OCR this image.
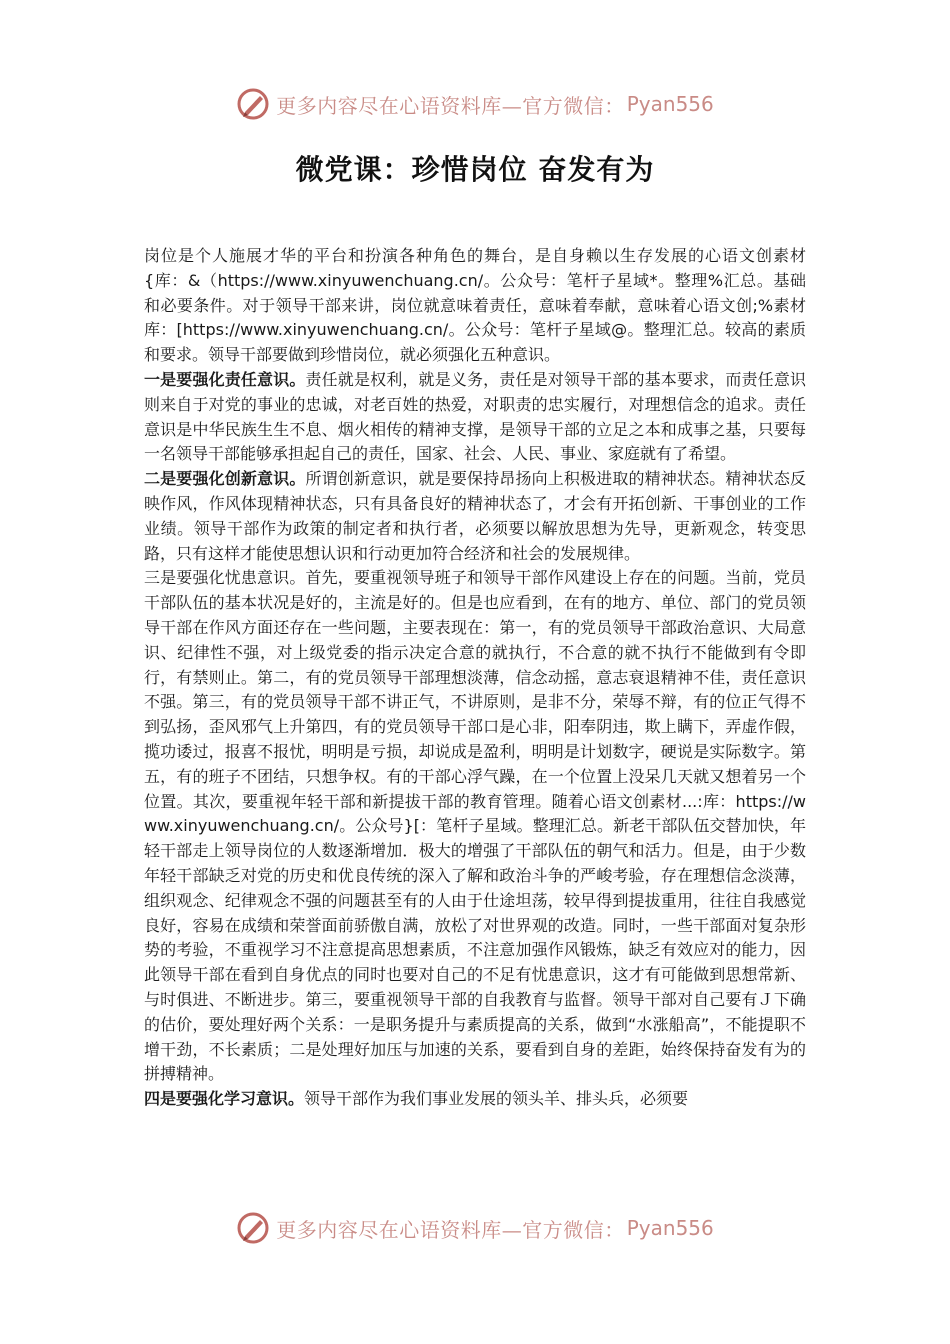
更多内容尽在心语资料库—官方微信： Pyan556
微党课：珍惜岗位 奋发有为

岗位是个人施展才华的平台和扮演各种角色的舞台，是自身赖以生存发展的心语文创素材{库：&（https://www.xinyuwenchuang.cn/。公众号：笔杆子星域*。整理%汇总。基础和必要条件。对于领导干部来讲，岗位就意味着责任，意味着奉献，意味着心语文创;%素材库：[https://www.xinyuwenchuang.cn/。公众号：笔杆子星域@。整理汇总。较高的素质和要求。领导干部要做到珍惜岗位，就必须强化五种意识。

一是要强化责任意识。责任就是权利，就是义务，责任是对领导干部的基本要求，而责任意识则来自于对党的事业的忠诚，对老百姓的热爱，对职责的忠实履行，对理想信念的追求。责任意识是中华民族生生不息、烟火相传的精神支撑，是领导干部的立足之本和成事之基，只要每一名领导干部能够承担起自己的责任，国家、社会、人民、事业、家庭就有了希望。

二是要强化创新意识。所谓创新意识，就是要保持昂扬向上积极进取的精神状态。精神状态反映作风，作风体现精神状态，只有具备良好的精神状态了，才会有开拓创新、干事创业的工作业绩。领导干部作为政策的制定者和执行者，必须要以解放思想为先导，更新观念，转变思路，只有这样才能使思想认识和行动更加符合经济和社会的发展规律。

三是要强化忧患意识。首先，要重视领导班子和领导干部作风建设上存在的问题。当前，党员干部队伍的基本状况是好的，主流是好的。但是也应看到，在有的地方、单位、部门的党员领导干部在作风方面还存在一些问题，主要表现在：第一，有的党员领导干部政治意识、大局意识、纪律性不强，对上级党委的指示决定合意的就执行，不合意的就不执行不能做到有令即行，有禁则止。第二，有的党员领导干部理想淡薄，信念动摇，意志衰退精神不佳，责任意识不强。第三，有的党员领导干部不讲正气，不讲原则，是非不分，荣辱不辩，有的位正气得不到弘扬，歪风邪气上升第四，有的党员领导干部口是心非，阳奉阴违，欺上瞒下，弄虚作假，揽功诿过，报喜不报忧，明明是亏损，却说成是盈利，明明是计划数字，硬说是实际数字。第五，有的班子不团结，只想争权。有的干部心浮气躁，在一个位置上没呆几天就又想着另一个位置。其次，要重视年轻干部和新提拔干部的教育管理。随着心语文创素材...:库：https://www.xinyuwenchuang.cn/。公众号}[：笔杆子星域。整理汇总。新老干部队伍交替加快，年轻干部走上领导岗位的人数逐渐增加．极大的增强了干部队伍的朝气和活力。但是，由于少数年轻干部缺乏对党的历史和优良传统的深入了解和政治斗争的严峻考验，存在理想信念淡薄，组织观念、纪律观念不强的问题甚至有的人由于仕途坦荡，较早得到提拔重用，往往自我感觉良好，容易在成绩和荣誉面前骄傲自满，放松了对世界观的改造。同时，一些干部面对复杂形势的考验，不重视学习不注意提高思想素质，不注意加强作风锻炼，缺乏有效应对的能力，因此领导干部在看到自身优点的同时也要对自己的不足有忧患意识，这才有可能做到思想常新、与时俱进、不断进步。第三，要重视领导干部的自我教育与监督。领导干部对自己要有Ｊ下确的估价，要处理好两个关系：一是职务提升与素质提高的关系，做到“水涨船高”，不能提职不增干劲，不长素质；二是处理好加压与加速的关系，要看到自身的差距，始终保持奋发有为的拼搏精神。

四是要强化学习意识。领导干部作为我们事业发展的领头羊、排头兵，必须要

更多内容尽在心语资料库—官方微信： Pyan556
